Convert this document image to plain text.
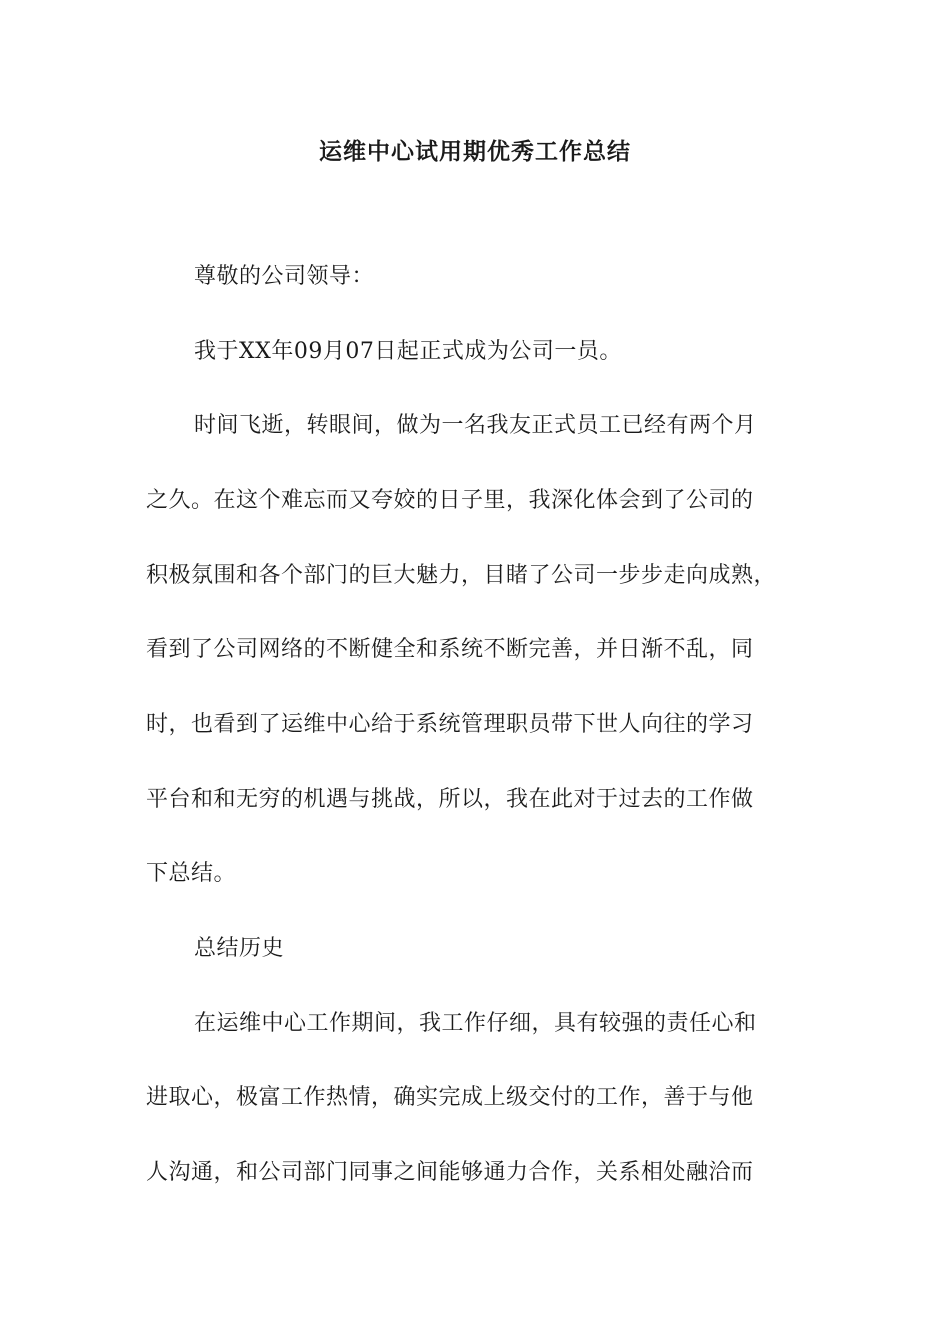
运维中心试用期优秀工作总结
尊敬的公司领导：
我于XX年09月07日起正式成为公司一员。
时间飞逝，转眼间，做为一名我友正式员工已经有两个月
之久。在这个难忘而又夸姣的日子里，我深化体会到了公司的
积极氛围和各个部门的巨大魅力，目睹了公司一步步走向成熟，
看到了公司网络的不断健全和系统不断完善，并日渐不乱，同
时，也看到了运维中心给于系统管理职员带下世人向往的学习
平台和和无穷的机遇与挑战，所以，我在此对于过去的工作做
下总结。
总结历史
在运维中心工作期间，我工作仔细，具有较强的责任心和
进取心，极富工作热情，确实完成上级交付的工作，善于与他
人沟通，和公司部门同事之间能够通力合作，关系相处融洽而
